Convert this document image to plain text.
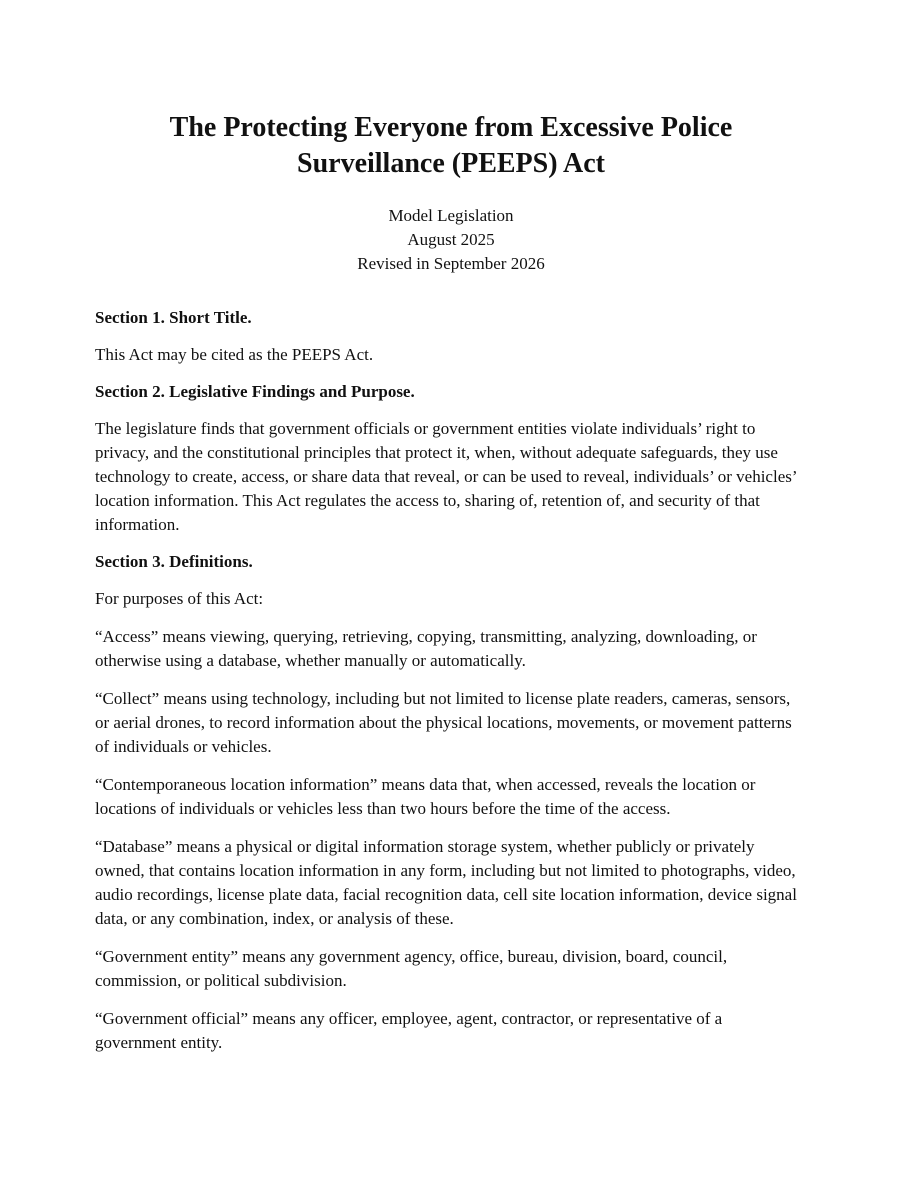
The Protecting Everyone from Excessive Police Surveillance (PEEPS) Act
Model Legislation
August 2025
Revised in September 2026

Section 1. Short Title.

This Act may be cited as the PEEPS Act.

Section 2. Legislative Findings and Purpose.

The legislature finds that government officials or government entities violate individuals’ right to privacy, and the constitutional principles that protect it, when, without adequate safeguards, they use technology to create, access, or share data that reveal, or can be used to reveal, individuals’ or vehicles’ location information. This Act regulates the access to, sharing of, retention of, and security of that information.

Section 3. Definitions.

For purposes of this Act:

“Access” means viewing, querying, retrieving, copying, transmitting, analyzing, downloading, or otherwise using a database, whether manually or automatically.

“Collect” means using technology, including but not limited to license plate readers, cameras, sensors, or aerial drones, to record information about the physical locations, movements, or movement patterns of individuals or vehicles.

“Contemporaneous location information” means data that, when accessed, reveals the location or locations of individuals or vehicles less than two hours before the time of the access.

“Database” means a physical or digital information storage system, whether publicly or privately owned, that contains location information in any form, including but not limited to photographs, video, audio recordings, license plate data, facial recognition data, cell site location information, device signal data, or any combination, index, or analysis of these.

“Government entity” means any government agency, office, bureau, division, board, council, commission, or political subdivision.

“Government official” means any officer, employee, agent, contractor, or representative of a government entity.
